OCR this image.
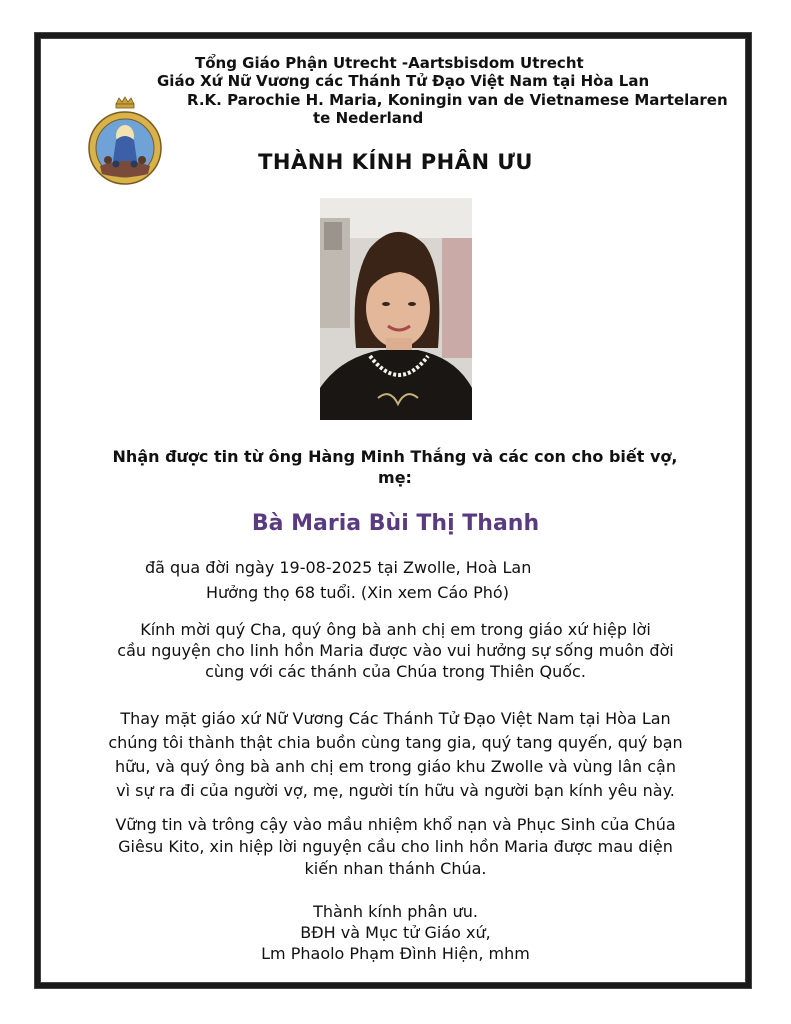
Tổng Giáo Phận Utrecht -Aartsbisdom Utrecht
Giáo Xứ Nữ Vương các Thánh Tử Đạo Việt Nam tại Hòa Lan
R.K. Parochie H. Maria, Koningin van de Vietnamese Martelaren
te Nederland
THÀNH KÍNH PHÂN ƯU
Nhận được tin từ ông Hàng Minh Thắng và các con cho biết vợ,
mẹ:
Bà Maria Bùi Thị Thanh
đã qua đời ngày 19-08-2025 tại Zwolle, Hoà Lan
Hưởng thọ 68 tuổi. (Xin xem Cáo Phó)
Kính mời quý Cha, quý ông bà anh chị em trong giáo xứ hiệp lời
cầu nguyện cho linh hồn Maria được vào vui hưởng sự sống muôn đời
cùng với các thánh của Chúa trong Thiên Quốc.
Thay mặt giáo xứ Nữ Vương Các Thánh Tử Đạo Việt Nam tại Hòa Lan
chúng tôi thành thật chia buồn cùng tang gia, quý tang quyến, quý bạn
hữu, và quý ông bà anh chị em trong giáo khu Zwolle và vùng lân cận
vì sự ra đi của người vợ, mẹ, người tín hữu và người bạn kính yêu này.
Vững tin và trông cậy vào mầu nhiệm khổ nạn và Phục Sinh của Chúa
Giêsu Kito, xin hiệp lời nguyện cầu cho linh hồn Maria được mau diện
kiến nhan thánh Chúa.
Thành kính phân ưu.
BĐH và Mục tử Giáo xứ,
Lm Phaolo Phạm Đình Hiện, mhm
